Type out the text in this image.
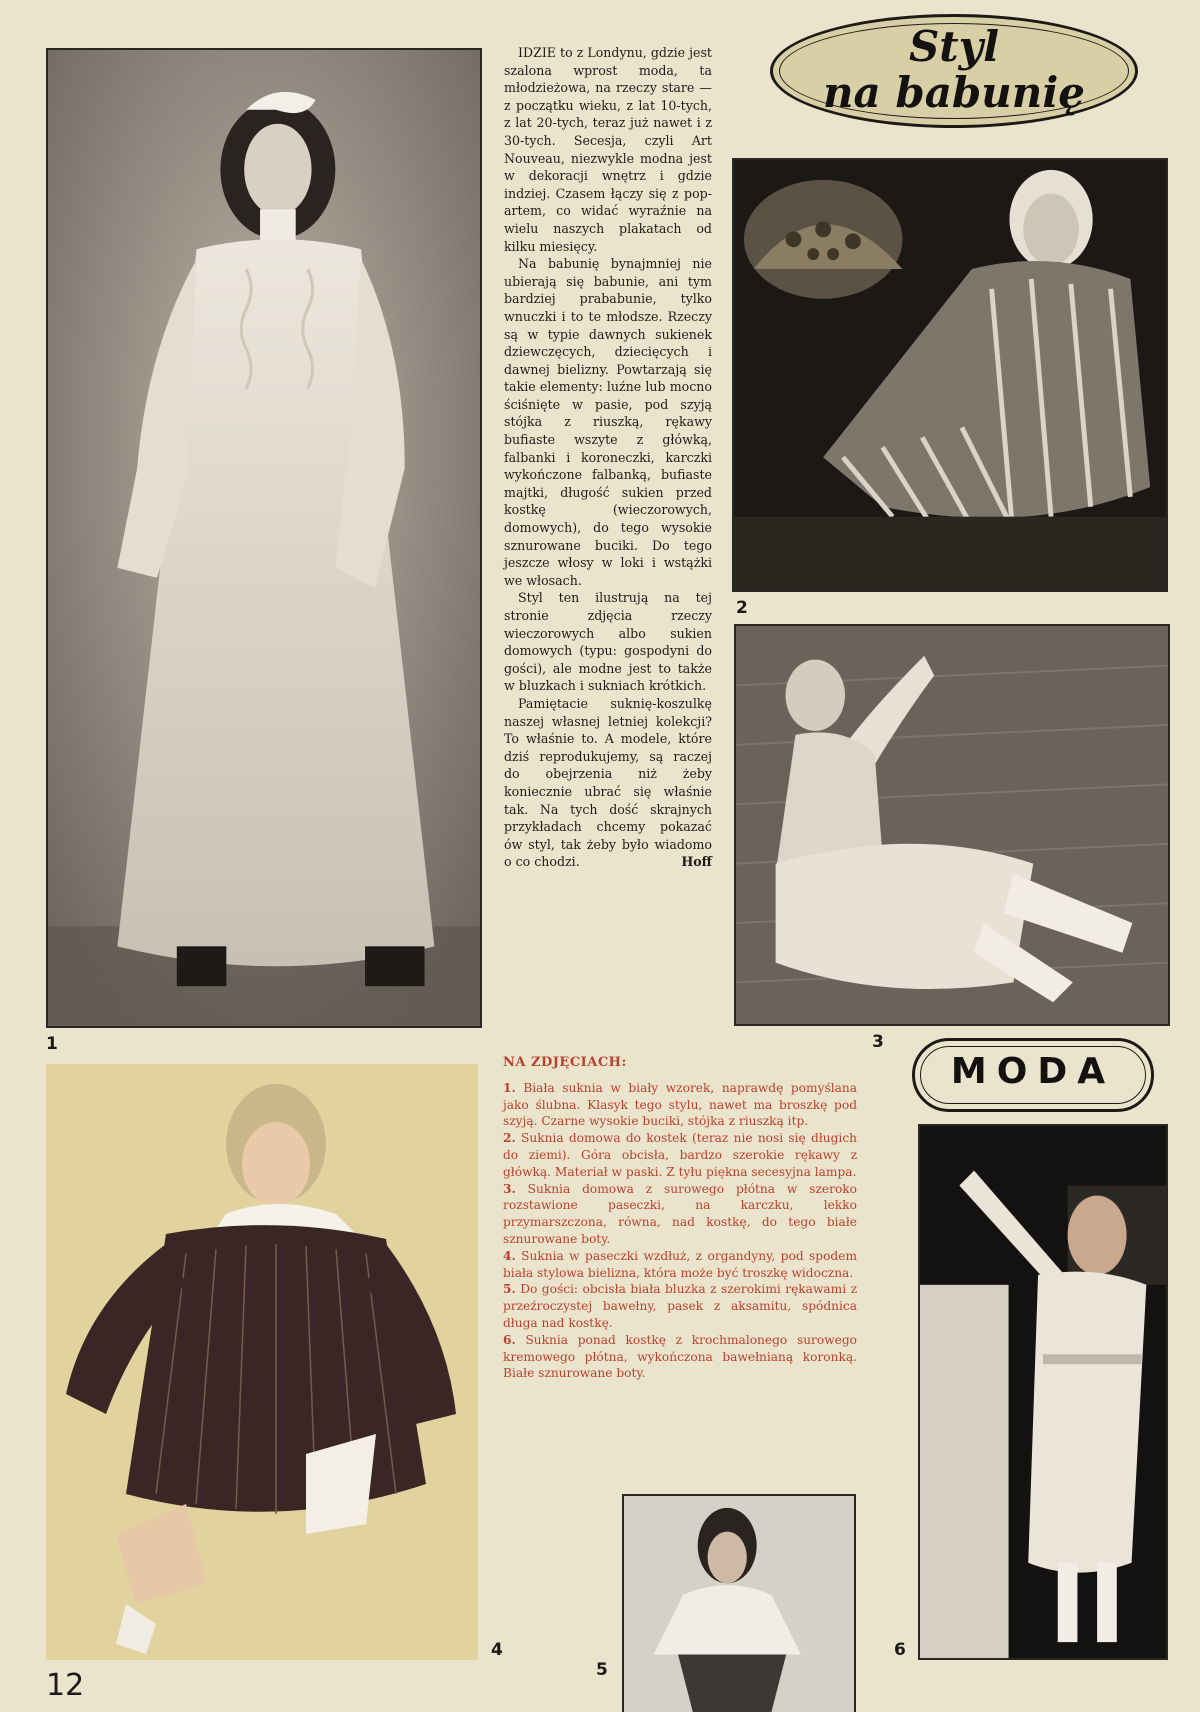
1

IDZIE to z Londynu, gdzie jest szalona wprost moda, ta młodzieżowa, na rzeczy stare — z początku wieku, z lat 10-tych, z lat 20-tych, teraz już nawet i z 30-tych. Secesja, czyli Art Nouveau, niezwykle modna jest w dekoracji wnętrz i gdzie indziej. Czasem łączy się z pop-artem, co widać wyraźnie na wielu naszych plakatach od kilku miesięcy.

Na babunię bynajmniej nie ubierają się babunie, ani tym bardziej prababunie, tylko wnuczki i to te młodsze. Rzeczy są w typie dawnych sukienek dziewczęcych, dziecięcych i dawnej bielizny. Powtarzają się takie elementy: luźne lub mocno ściśnięte w pasie, pod szyją stójka z riuszką, rękawy bufiaste wszyte z główką, falbanki i koroneczki, karczki wykończone falbanką, bufiaste majtki, długość sukien przed kostkę (wieczorowych, domowych), do tego wysokie sznurowane buciki. Do tego jeszcze włosy w loki i wstążki we włosach.

Styl ten ilustrują na tej stronie zdjęcia rzeczy wieczorowych albo sukien domowych (typu: gospodyni do gości), ale modne jest to także w bluzkach i sukniach krótkich.

Pamiętacie suknię-koszulkę naszej własnej letniej kolekcji? To właśnie to. A modele, które dziś reprodukujemy, są raczej do obejrzenia niż żeby koniecznie ubrać się właśnie tak. Na tych dość skrajnych przykładach chcemy pokazać ów styl, tak żeby było wiadomo o co chodzi.	Hoff
Styl
na babunię
2
3
MODA
4
NA ZDJĘCIACH:

1. Biała suknia w biały wzorek, naprawdę pomyślana jako ślubna. Klasyk tego stylu, nawet ma broszkę pod szyją. Czarne wysokie buciki, stójka z riuszką itp.

2. Suknia domowa do kostek (teraz nie nosi się długich do ziemi). Góra obcisła, bardzo szerokie rękawy z główką. Materiał w paski. Z tyłu piękna secesyjna lampa.

3. Suknia domowa z surowego płótna w szeroko rozstawione paseczki, na karczku, lekko przymarszczona, równa, nad kostkę, do tego białe sznurowane boty.

4. Suknia w paseczki wzdłuż, z organdyny, pod spodem biała stylowa bielizna, która może być troszkę widoczna.

5. Do gości: obcisła biała bluzka z szerokimi rękawami z przeźroczystej bawełny, pasek z aksamitu, spódnica długa nad kostkę.

6. Suknia ponad kostkę z krochmalonego surowego kremowego płótna, wykończona bawełnianą koronką. Białe sznurowane boty.

6
5
12
